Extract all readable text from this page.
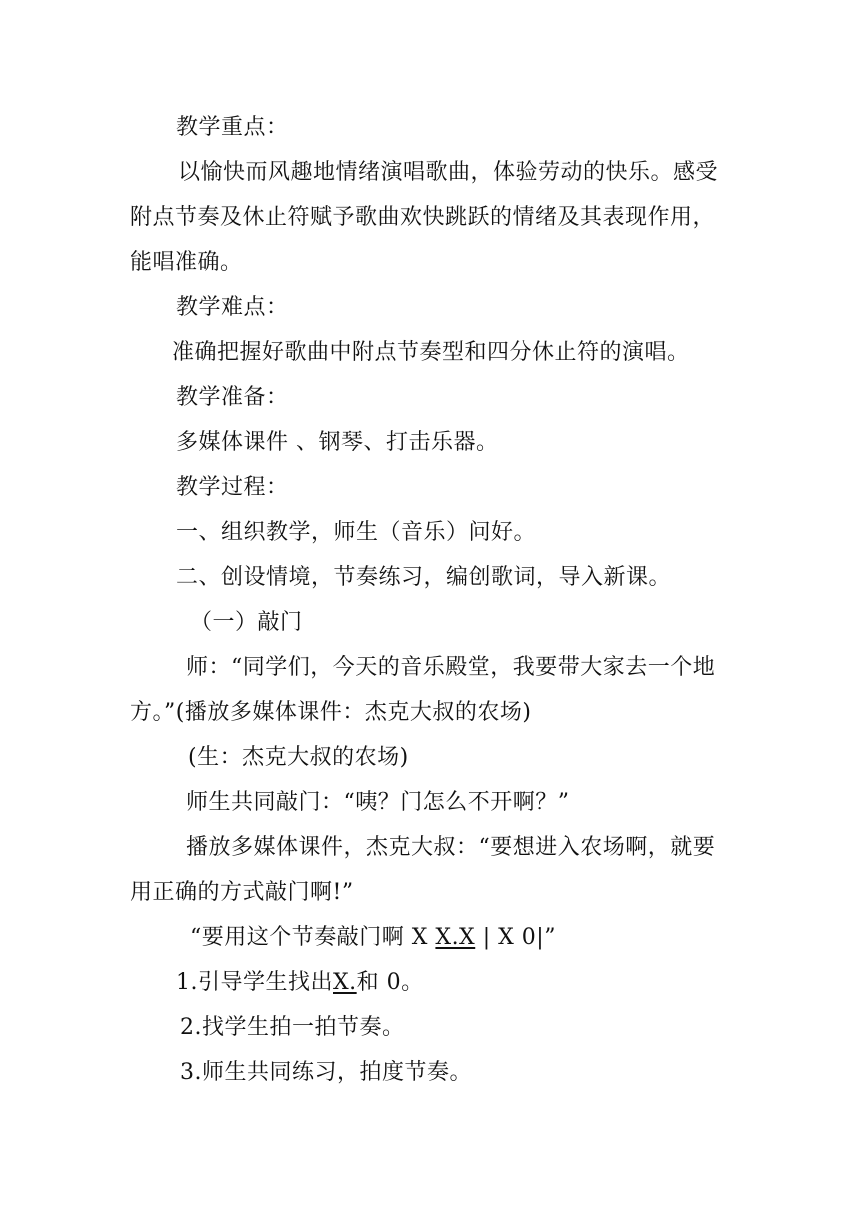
教学重点：
以愉快而风趣地情绪演唱歌曲，体验劳动的快乐。感受
附点节奏及休止符赋予歌曲欢快跳跃的情绪及其表现作用，
能唱准确。
教学难点：
准确把握好歌曲中附点节奏型和四分休止符的演唱。
教学准备：
多媒体课件 、钢琴、打击乐器。
教学过程：
一、组织教学，师生（音乐）问好。
二、创设情境，节奏练习，编创歌词，导入新课。
（一）敲门
师：“同学们，今天的音乐殿堂，我要带大家去一个地
方。”(播放多媒体课件：杰克大叔的农场)
(生：杰克大叔的农场)
师生共同敲门：“咦？门怎么不开啊？”
播放多媒体课件，杰克大叔：“要想进入农场啊，就要
用正确的方式敲门啊!”
“要用这个节奏敲门啊 X X.X | X 0|”
1.引导学生找出X.和 0。
2.找学生拍一拍节奏。
3.师生共同练习，拍度节奏。
